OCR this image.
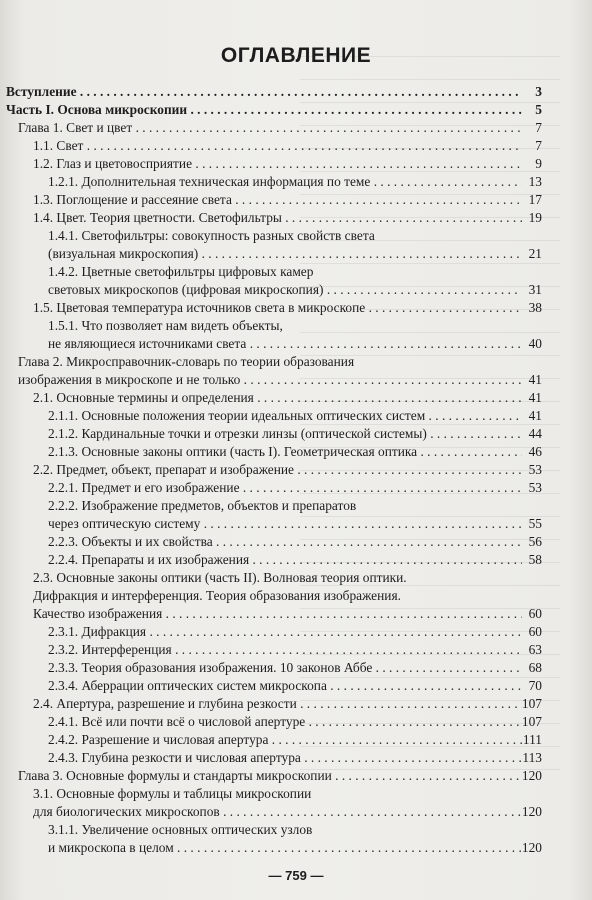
ОГЛАВЛЕНИЕ
Вступление . . .	3
Часть I. Основа микроскопии . . .	5
Глава 1. Свет и цвет . . .	7
1.1. Свет . . .	7
1.2. Глаз и цветовосприятие . . .	9
1.2.1. Дополнительная техническая информация по теме . . .	13
1.3. Поглощение и рассеяние света . . .	17
1.4. Цвет. Теория цветности. Светофильтры . . .	19
1.4.1. Светофильтры: совокупность разных свойств света
(визуальная микроскопия) . . .	21
1.4.2. Цветные светофильтры цифровых камер
световых микроскопов (цифровая микроскопия) . . .	31
1.5. Цветовая температура источников света в микроскопе . . .	38
1.5.1. Что позволяет нам видеть объекты,
не являющиеся источниками света . . .	40
Глава 2. Микросправочник-словарь по теории образования
изображения в микроскопе и не только . . .	41
2.1. Основные термины и определения . . .	41
2.1.1. Основные положения теории идеальных оптических систем . . .	41
2.1.2. Кардинальные точки и отрезки линзы (оптической системы) . . .	44
2.1.3. Основные законы оптики (часть I). Геометрическая оптика . . .	46
2.2. Предмет, объект, препарат и изображение . . .	53
2.2.1. Предмет и его изображение . . .	53
2.2.2. Изображение предметов, объектов и препаратов
через оптическую систему . . .	55
2.2.3. Объекты и их свойства . . .	56
2.2.4. Препараты и их изображения . . .	58
2.3. Основные законы оптики (часть II). Волновая теория оптики.
Дифракция и интерференция. Теория образования изображения.
Качество изображения . . .	60
2.3.1. Дифракция . . .	60
2.3.2. Интерференция . . .	63
2.3.3. Теория образования изображения. 10 законов Аббе . . .	68
2.3.4. Аберрации оптических систем микроскопа . . .	70
2.4. Апертура, разрешение и глубина резкости . . .	107
2.4.1. Всё или почти всё о числовой апертуре . . .	107
2.4.2. Разрешение и числовая апертура . . .	111
2.4.3. Глубина резкости и числовая апертура . . .	113
Глава 3. Основные формулы и стандарты микроскопии . . .	120
3.1. Основные формулы и таблицы микроскопии
для биологических микроскопов . . .	120
3.1.1. Увеличение основных оптических узлов
и микроскопа в целом . . .	120
— 759 —
